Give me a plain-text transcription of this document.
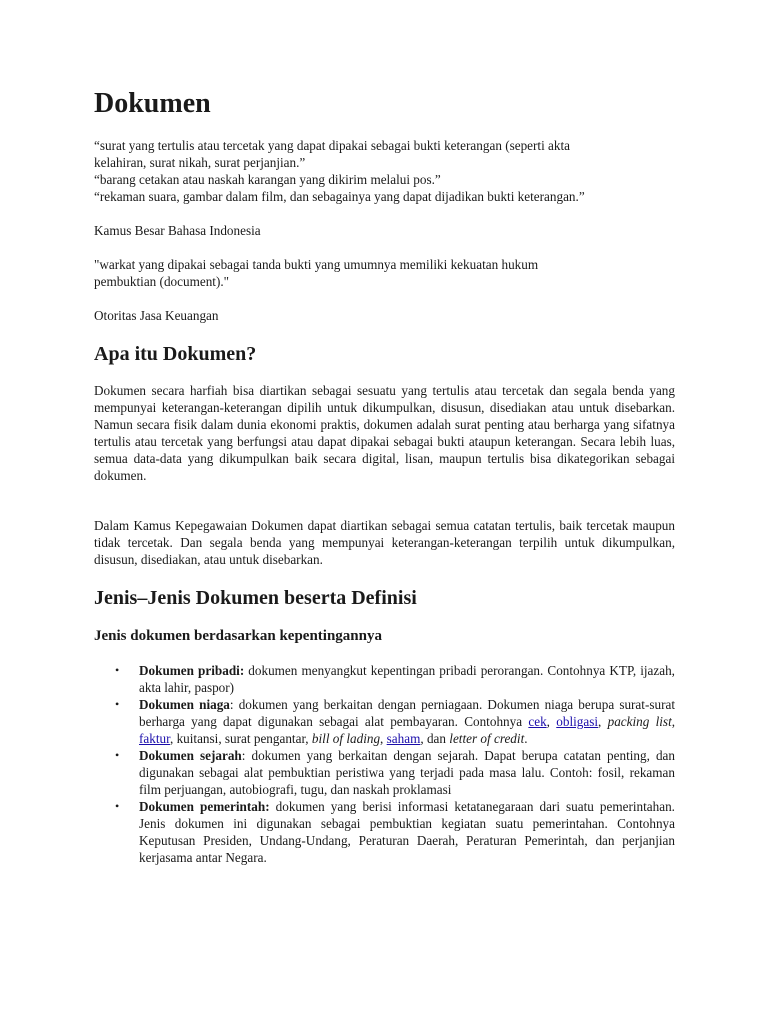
Dokumen
“surat yang tertulis atau tercetak yang dapat dipakai sebagai bukti keterangan (seperti akta
kelahiran, surat nikah, surat perjanjian.”
“barang cetakan atau naskah karangan yang dikirim melalui pos.”
“rekaman suara, gambar dalam film, dan sebagainya yang dapat dijadikan bukti keterangan.”
Kamus Besar Bahasa Indonesia
"warkat yang dipakai sebagai tanda bukti yang umumnya memiliki kekuatan hukum
pembuktian (document)."
Otoritas Jasa Keuangan
Apa itu Dokumen?
Dokumen secara harfiah bisa diartikan sebagai sesuatu yang tertulis atau tercetak dan segala benda yang mempunyai keterangan-keterangan dipilih untuk dikumpulkan, disusun, disediakan atau untuk disebarkan. Namun secara fisik dalam dunia ekonomi praktis, dokumen adalah surat penting atau berharga yang sifatnya tertulis atau tercetak yang berfungsi atau dapat dipakai sebagai bukti ataupun keterangan. Secara lebih luas, semua data-data yang dikumpulkan baik secara digital, lisan, maupun tertulis bisa dikategorikan sebagai dokumen.
Dalam Kamus Kepegawaian Dokumen dapat diartikan sebagai semua catatan tertulis, baik tercetak maupun tidak tercetak. Dan segala benda yang mempunyai keterangan-keterangan terpilih untuk dikumpulkan, disusun, disediakan, atau untuk disebarkan.
Jenis–Jenis Dokumen beserta Definisi
Jenis dokumen berdasarkan kepentingannya
• Dokumen pribadi: dokumen menyangkut kepentingan pribadi perorangan. Contohnya KTP, ijazah, akta lahir, paspor)

• Dokumen niaga: dokumen yang berkaitan dengan perniagaan. Dokumen niaga berupa surat-surat berharga yang dapat digunakan sebagai alat pembayaran. Contohnya cek, obligasi, packing list, faktur, kuitansi, surat pengantar, bill of lading, saham, dan letter of credit.

• Dokumen sejarah: dokumen yang berkaitan dengan sejarah. Dapat berupa catatan penting, dan digunakan sebagai alat pembuktian peristiwa yang terjadi pada masa lalu. Contoh: fosil, rekaman film perjuangan, autobiografi, tugu, dan naskah proklamasi

• Dokumen pemerintah: dokumen yang berisi informasi ketatanegaraan dari suatu pemerintahan. Jenis dokumen ini digunakan sebagai pembuktian kegiatan suatu pemerintahan. Contohnya Keputusan Presiden, Undang-Undang, Peraturan Daerah, Peraturan Pemerintah, dan perjanjian kerjasama antar Negara.
